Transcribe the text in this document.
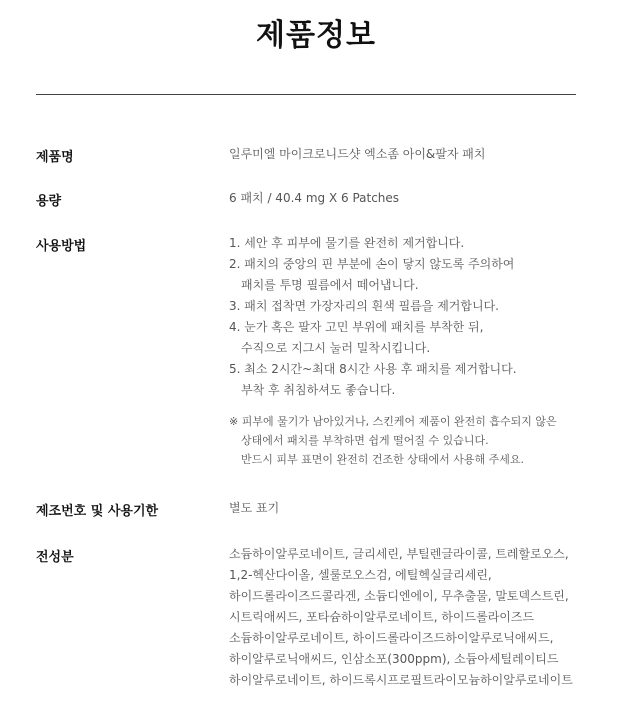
제품정보
제품명	일루미엘 마이크로니드샷 엑소좀 아이&팔자 패치
용량	6 패치 / 40.4 mg X 6 Patches
사용방법	1. 세안 후 피부에 물기를 완전히 제거합니다.
2. 패치의 중앙의 핀 부분에 손이 닿지 않도록 주의하여
패치를 투명 필름에서 떼어냅니다.
3. 패치 접착면 가장자리의 흰색 필름을 제거합니다.
4. 눈가 혹은 팔자 고민 부위에 패치를 부착한 뒤,
수직으로 지그시 눌러 밀착시킵니다.
5. 최소 2시간~최대 8시간 사용 후 패치를 제거합니다.
부착 후 취침하셔도 좋습니다.
※ 피부에 물기가 남아있거나, 스킨케어 제품이 완전히 흡수되지 않은
상태에서 패치를 부착하면 쉽게 떨어질 수 있습니다.
반드시 피부 표면이 완전히 건조한 상태에서 사용해 주세요.
제조번호 및 사용기한	별도 표기
전성분	소듐하이알루로네이트, 글리세린, 부틸렌글라이콜, 트레할로오스,
1,2-헥산다이올, 셀룰로오스검, 에틸헥실글리세린,
하이드롤라이즈드콜라겐, 소듐디엔에이, 무추출물, 말토덱스트린,
시트릭애씨드, 포타슘하이알루로네이트, 하이드롤라이즈드
소듐하이알루로네이트, 하이드롤라이즈드하이알루로닉애씨드,
하이알루로닉애씨드, 인삼소포(300ppm), 소듐아세틸레이티드
하이알루로네이트, 하이드록시프로필트라이모늄하이알루로네이트
